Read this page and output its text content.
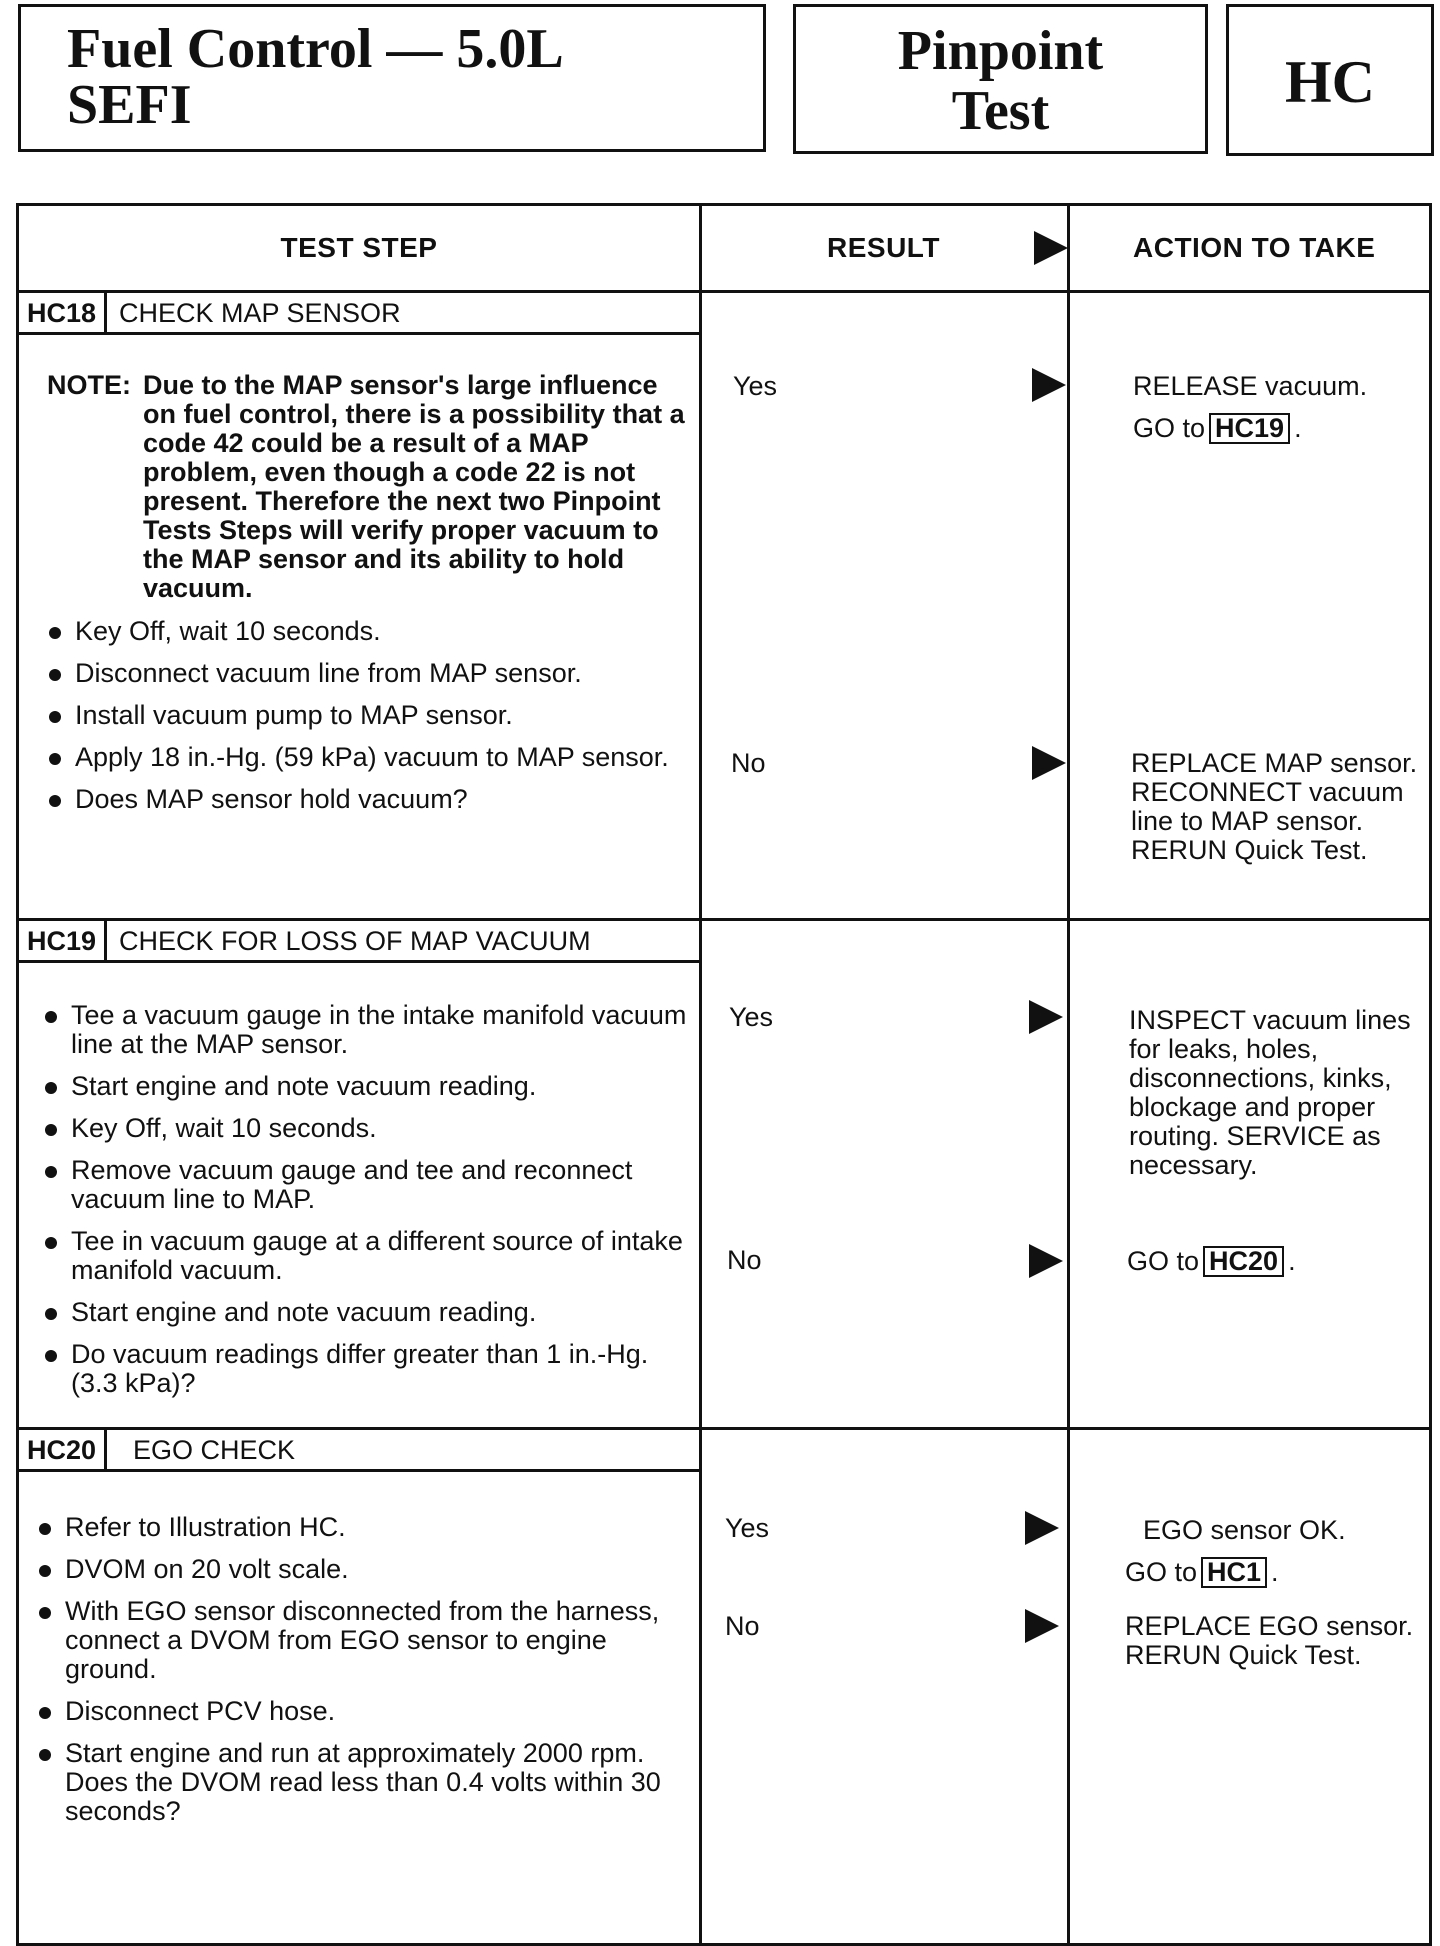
Fuel Control — 5.0L
SEFI
Pinpoint
Test	HC
TEST STEP	RESULT	ACTION TO TAKE
HC18 CHECK MAP SENSOR
NOTE: Due to the MAP sensor's large influence on fuel control, there is a possibility that a code 42 could be a result of a MAP problem, even though a code 22 is not present. Therefore the next two Pinpoint Tests Steps will verify proper vacuum to the MAP sensor and its ability to hold vacuum.
Key Off, wait 10 seconds.
Disconnect vacuum line from MAP sensor.
Install vacuum pump to MAP sensor.
Apply 18 in.-Hg. (59 kPa) vacuum to MAP sensor.
Does MAP sensor hold vacuum?
Yes	RELEASE vacuum.
GO to HC19 .
No	REPLACE MAP sensor. RECONNECT vacuum line to MAP sensor. RERUN Quick Test.
HC19 CHECK FOR LOSS OF MAP VACUUM
Tee a vacuum gauge in the intake manifold vacuum line at the MAP sensor.
Start engine and note vacuum reading.
Key Off, wait 10 seconds.
Remove vacuum gauge and tee and reconnect vacuum line to MAP.
Tee in vacuum gauge at a different source of intake manifold vacuum.
Start engine and note vacuum reading.
Do vacuum readings differ greater than 1 in.-Hg. (3.3 kPa)?
Yes	INSPECT vacuum lines for leaks, holes, disconnections, kinks, blockage and proper routing. SERVICE as necessary.
No	GO to HC20 .
HC20	EGO CHECK
Refer to Illustration HC.
DVOM on 20 volt scale.
With EGO sensor disconnected from the harness, connect a DVOM from EGO sensor to engine ground.
Disconnect PCV hose.
Start engine and run at approximately 2000 rpm. Does the DVOM read less than 0.4 volts within 30 seconds?
Yes	EGO sensor OK.
GO to HC1 .
No	REPLACE EGO sensor. RERUN Quick Test.
